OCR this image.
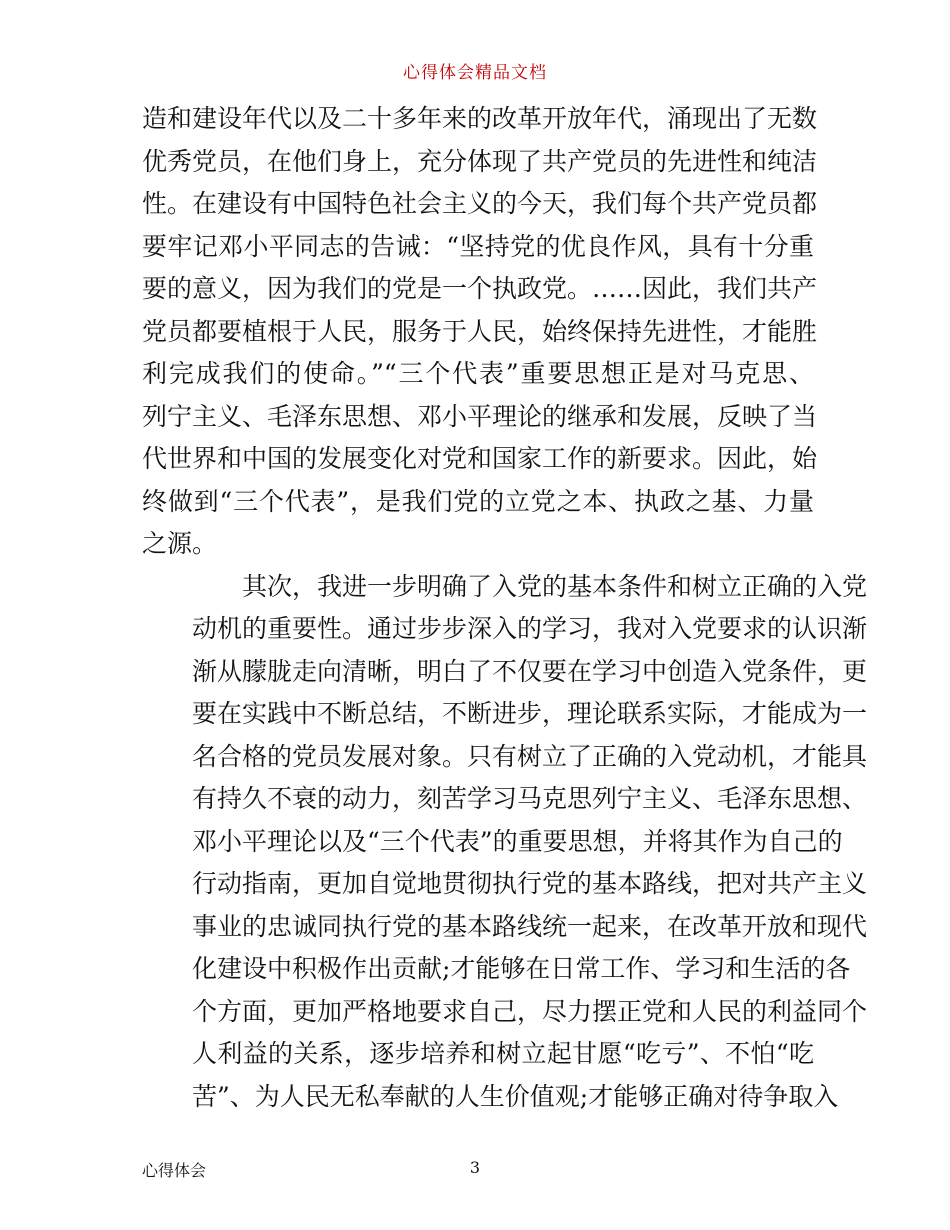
心得体会精品文档

造和建设年代以及二十多年来的改革开放年代，涌现出了无数
优秀党员，在他们身上，充分体现了共产党员的先进性和纯洁
性。在建设有中国特色社会主义的今天，我们每个共产党员都
要牢记邓小平同志的告诫：“坚持党的优良作风，具有十分重
要的意义，因为我们的党是一个执政党。……因此，我们共产
党员都要植根于人民，服务于人民，始终保持先进性，才能胜
利完成我们的使命。”“三个代表”重要思想正是对马克思、
列宁主义、毛泽东思想、邓小平理论的继承和发展，反映了当
代世界和中国的发展变化对党和国家工作的新要求。因此，始
终做到“三个代表”，是我们党的立党之本、执政之基、力量
之源。

其次，我进一步明确了入党的基本条件和树立正确的入党
动机的重要性。通过步步深入的学习，我对入党要求的认识渐
渐从朦胧走向清晰，明白了不仅要在学习中创造入党条件，更
要在实践中不断总结，不断进步，理论联系实际，才能成为一
名合格的党员发展对象。只有树立了正确的入党动机，才能具
有持久不衰的动力，刻苦学习马克思列宁主义、毛泽东思想、
邓小平理论以及“三个代表”的重要思想，并将其作为自己的
行动指南，更加自觉地贯彻执行党的基本路线，把对共产主义
事业的忠诚同执行党的基本路线统一起来，在改革开放和现代
化建设中积极作出贡献;才能够在日常工作、学习和生活的各
个方面，更加严格地要求自己，尽力摆正党和人民的利益同个
人利益的关系，逐步培养和树立起甘愿“吃亏”、不怕“吃
苦”、为人民无私奉献的人生价值观;才能够正确对待争取入

心得体会	3
